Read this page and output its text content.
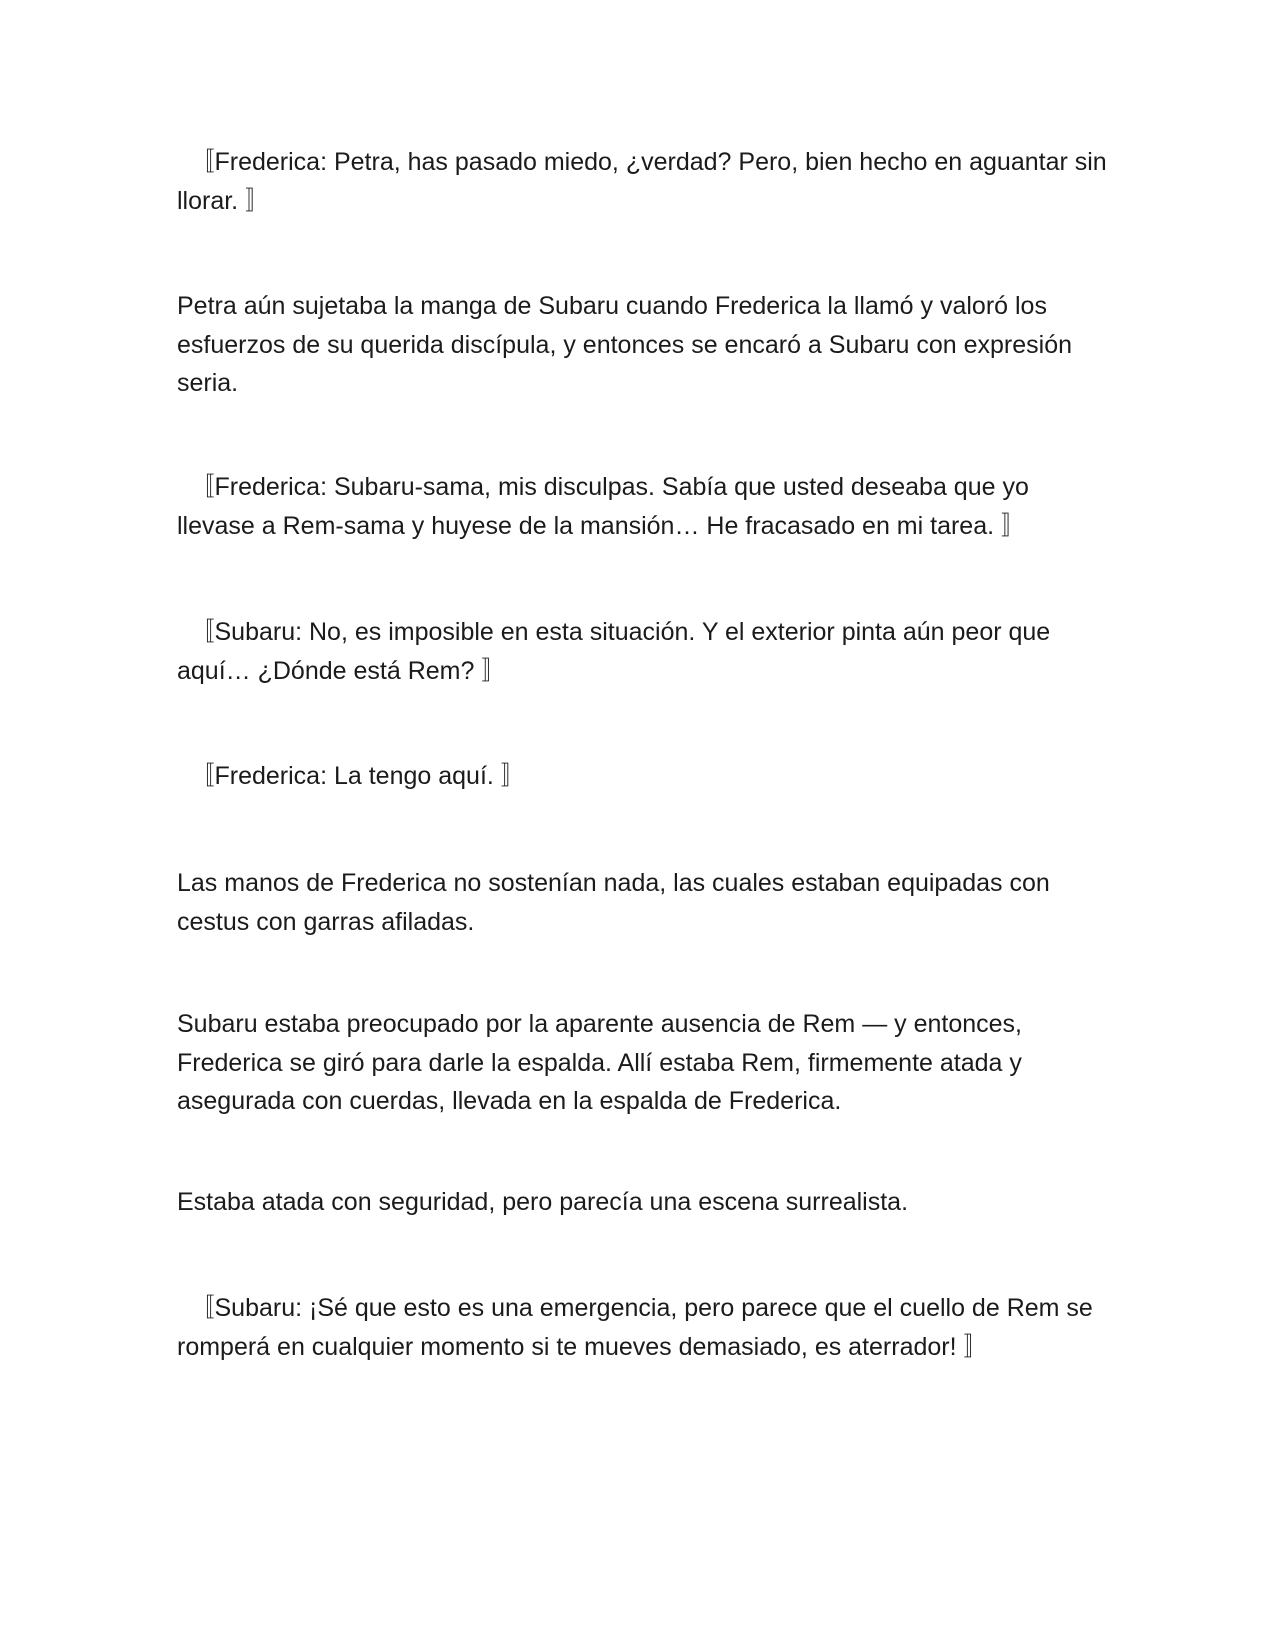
　〚Frederica: Petra, has pasado miedo, ¿verdad? Pero, bien hecho en aguantar sin llorar. 〛

Petra aún sujetaba la manga de Subaru cuando Frederica la llamó y valoró los esfuerzos de su querida discípula, y entonces se encaró a Subaru con expresión seria.

　〚Frederica: Subaru-sama, mis disculpas. Sabía que usted deseaba que yo llevase a Rem-sama y huyese de la mansión… He fracasado en mi tarea. 〛

　〚Subaru: No, es imposible en esta situación. Y el exterior pinta aún peor que aquí… ¿Dónde está Rem? 〛

　〚Frederica: La tengo aquí. 〛

Las manos de Frederica no sostenían nada, las cuales estaban equipadas con cestus con garras afiladas.

Subaru estaba preocupado por la aparente ausencia de Rem — y entonces, Frederica se giró para darle la espalda. Allí estaba Rem, firmemente atada y asegurada con cuerdas, llevada en la espalda de Frederica.

Estaba atada con seguridad, pero parecía una escena surrealista.

　〚Subaru: ¡Sé que esto es una emergencia, pero parece que el cuello de Rem se romperá en cualquier momento si te mueves demasiado, es aterrador! 〛
